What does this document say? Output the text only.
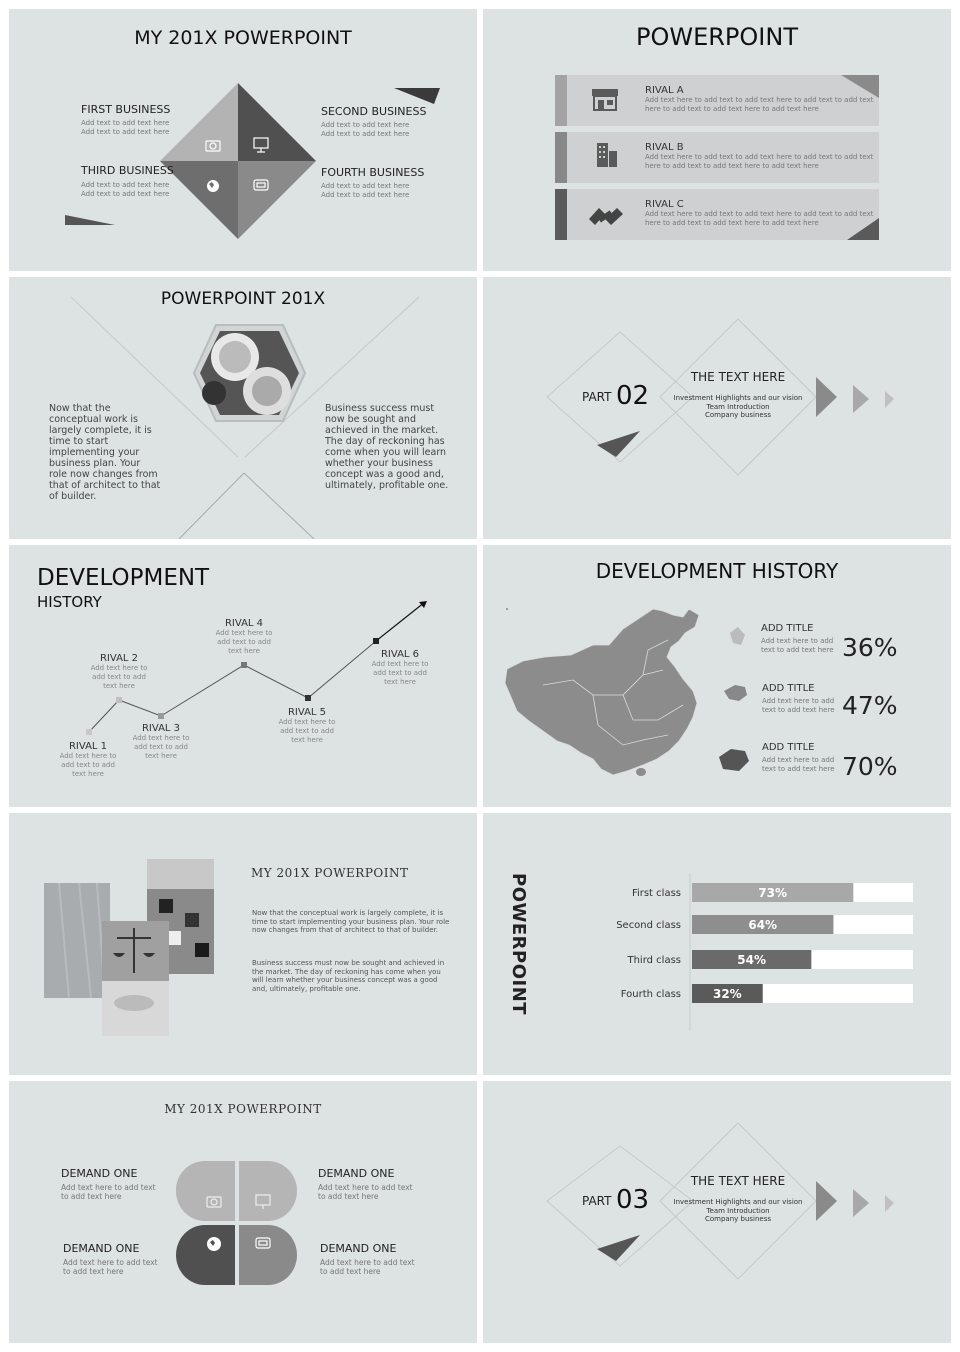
MY 201X POWERPOINT
FIRST BUSINESS
Add text to add text here
Add text to add text here
SECOND BUSINESS
Add text to add text here
Add text to add text here
THIRD BUSINESS
Add text to add text here
Add text to add text here
FOURTH BUSINESS
Add text to add text here
Add text to add text here
POWERPOINT
RIVAL A
Add text here to add text to add text here to add text to add text here to add text to add text here to add text here
RIVAL B
Add text here to add text to add text here to add text to add text here to add text to add text here to add text here
RIVAL C
Add text here to add text to add text here to add text to add text here to add text to add text here to add text here
POWERPOINT 201X
Now that the conceptual work is largely complete, it is time to start implementing your business plan. Your role now changes from that of architect to that of builder.
Business success must now be sought and achieved in the market. The day of reckoning has come when you will learn whether your business concept was a good and, ultimately, profitable one.
PART 02
THE TEXT HERE
Investment Highlights and our vision
Team Introduction
Company business
DEVELOPMENT
HISTORY
RIVAL 1
Add text here to add text to add text here
RIVAL 2
Add text here to add text to add text here
RIVAL 3
Add text here to add text to add text here
RIVAL 4
Add text here to add text to add text here
RIVAL 5
Add text here to add text to add text here
RIVAL 6
Add text here to add text to add text here
DEVELOPMENT HISTORY
ADD TITLE
Add text here to add
text to add text here 36%
ADD TITLE
Add text here to add
text to add text here 47%
ADD TITLE
Add text here to add
text to add text here 70%
MY 201X POWERPOINT
Now that the conceptual work is largely complete, it is time to start implementing your business plan. Your role now changes from that of architect to that of builder.
Business success must now be sought and achieved in the market. The day of reckoning has come when you will learn whether your business concept was a good and, ultimately, profitable one.	POWERPOINT	73%
First class
64%
Second class
54%
Third class
32%
Fourth class
MY 201X POWERPOINT
DEMAND ONE
Add text here to add text
to add text here
DEMAND ONE
Add text here to add text
to add text here
DEMAND ONE
Add text here to add text
to add text here
DEMAND ONE
Add text here to add text
to add text here
PART 03
THE TEXT HERE
Investment Highlights and our vision
Team Introduction
Company business
